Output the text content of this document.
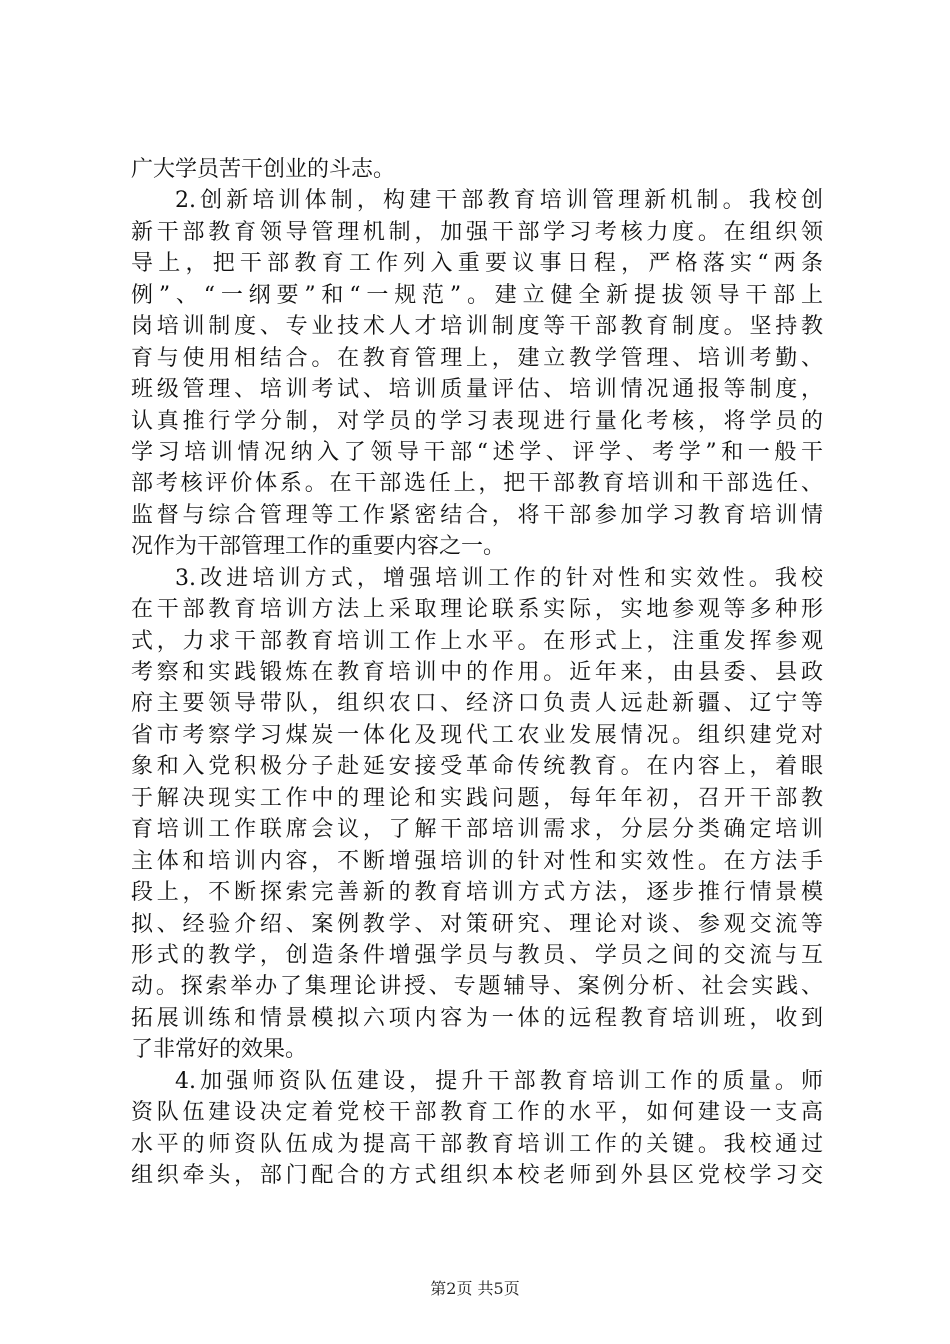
广大学员苦干创业的斗志。
2.创新培训体制，构建干部教育培训管理新机制。我校创
新干部教育领导管理机制，加强干部学习考核力度。在组织领
导上，把干部教育工作列入重要议事日程，严格落实“两条
例”、“一纲要”和“一规范”。建立健全新提拔领导干部上
岗培训制度、专业技术人才培训制度等干部教育制度。坚持教
育与使用相结合。在教育管理上，建立教学管理、培训考勤、
班级管理、培训考试、培训质量评估、培训情况通报等制度，
认真推行学分制，对学员的学习表现进行量化考核，将学员的
学习培训情况纳入了领导干部“述学、评学、考学”和一般干
部考核评价体系。在干部选任上，把干部教育培训和干部选任、
监督与综合管理等工作紧密结合，将干部参加学习教育培训情
况作为干部管理工作的重要内容之一。
3.改进培训方式，增强培训工作的针对性和实效性。我校
在干部教育培训方法上采取理论联系实际，实地参观等多种形
式，力求干部教育培训工作上水平。在形式上，注重发挥参观
考察和实践锻炼在教育培训中的作用。近年来，由县委、县政
府主要领导带队，组织农口、经济口负责人远赴新疆、辽宁等
省市考察学习煤炭一体化及现代工农业发展情况。组织建党对
象和入党积极分子赴延安接受革命传统教育。在内容上，着眼
于解决现实工作中的理论和实践问题，每年年初，召开干部教
育培训工作联席会议，了解干部培训需求，分层分类确定培训
主体和培训内容，不断增强培训的针对性和实效性。在方法手
段上，不断探索完善新的教育培训方式方法，逐步推行情景模
拟、经验介绍、案例教学、对策研究、理论对谈、参观交流等
形式的教学，创造条件增强学员与教员、学员之间的交流与互
动。探索举办了集理论讲授、专题辅导、案例分析、社会实践、
拓展训练和情景模拟六项内容为一体的远程教育培训班，收到
了非常好的效果。
4.加强师资队伍建设，提升干部教育培训工作的质量。师
资队伍建设决定着党校干部教育工作的水平，如何建设一支高
水平的师资队伍成为提高干部教育培训工作的关键。我校通过
组织牵头，部门配合的方式组织本校老师到外县区党校学习交
第2页 共5页
